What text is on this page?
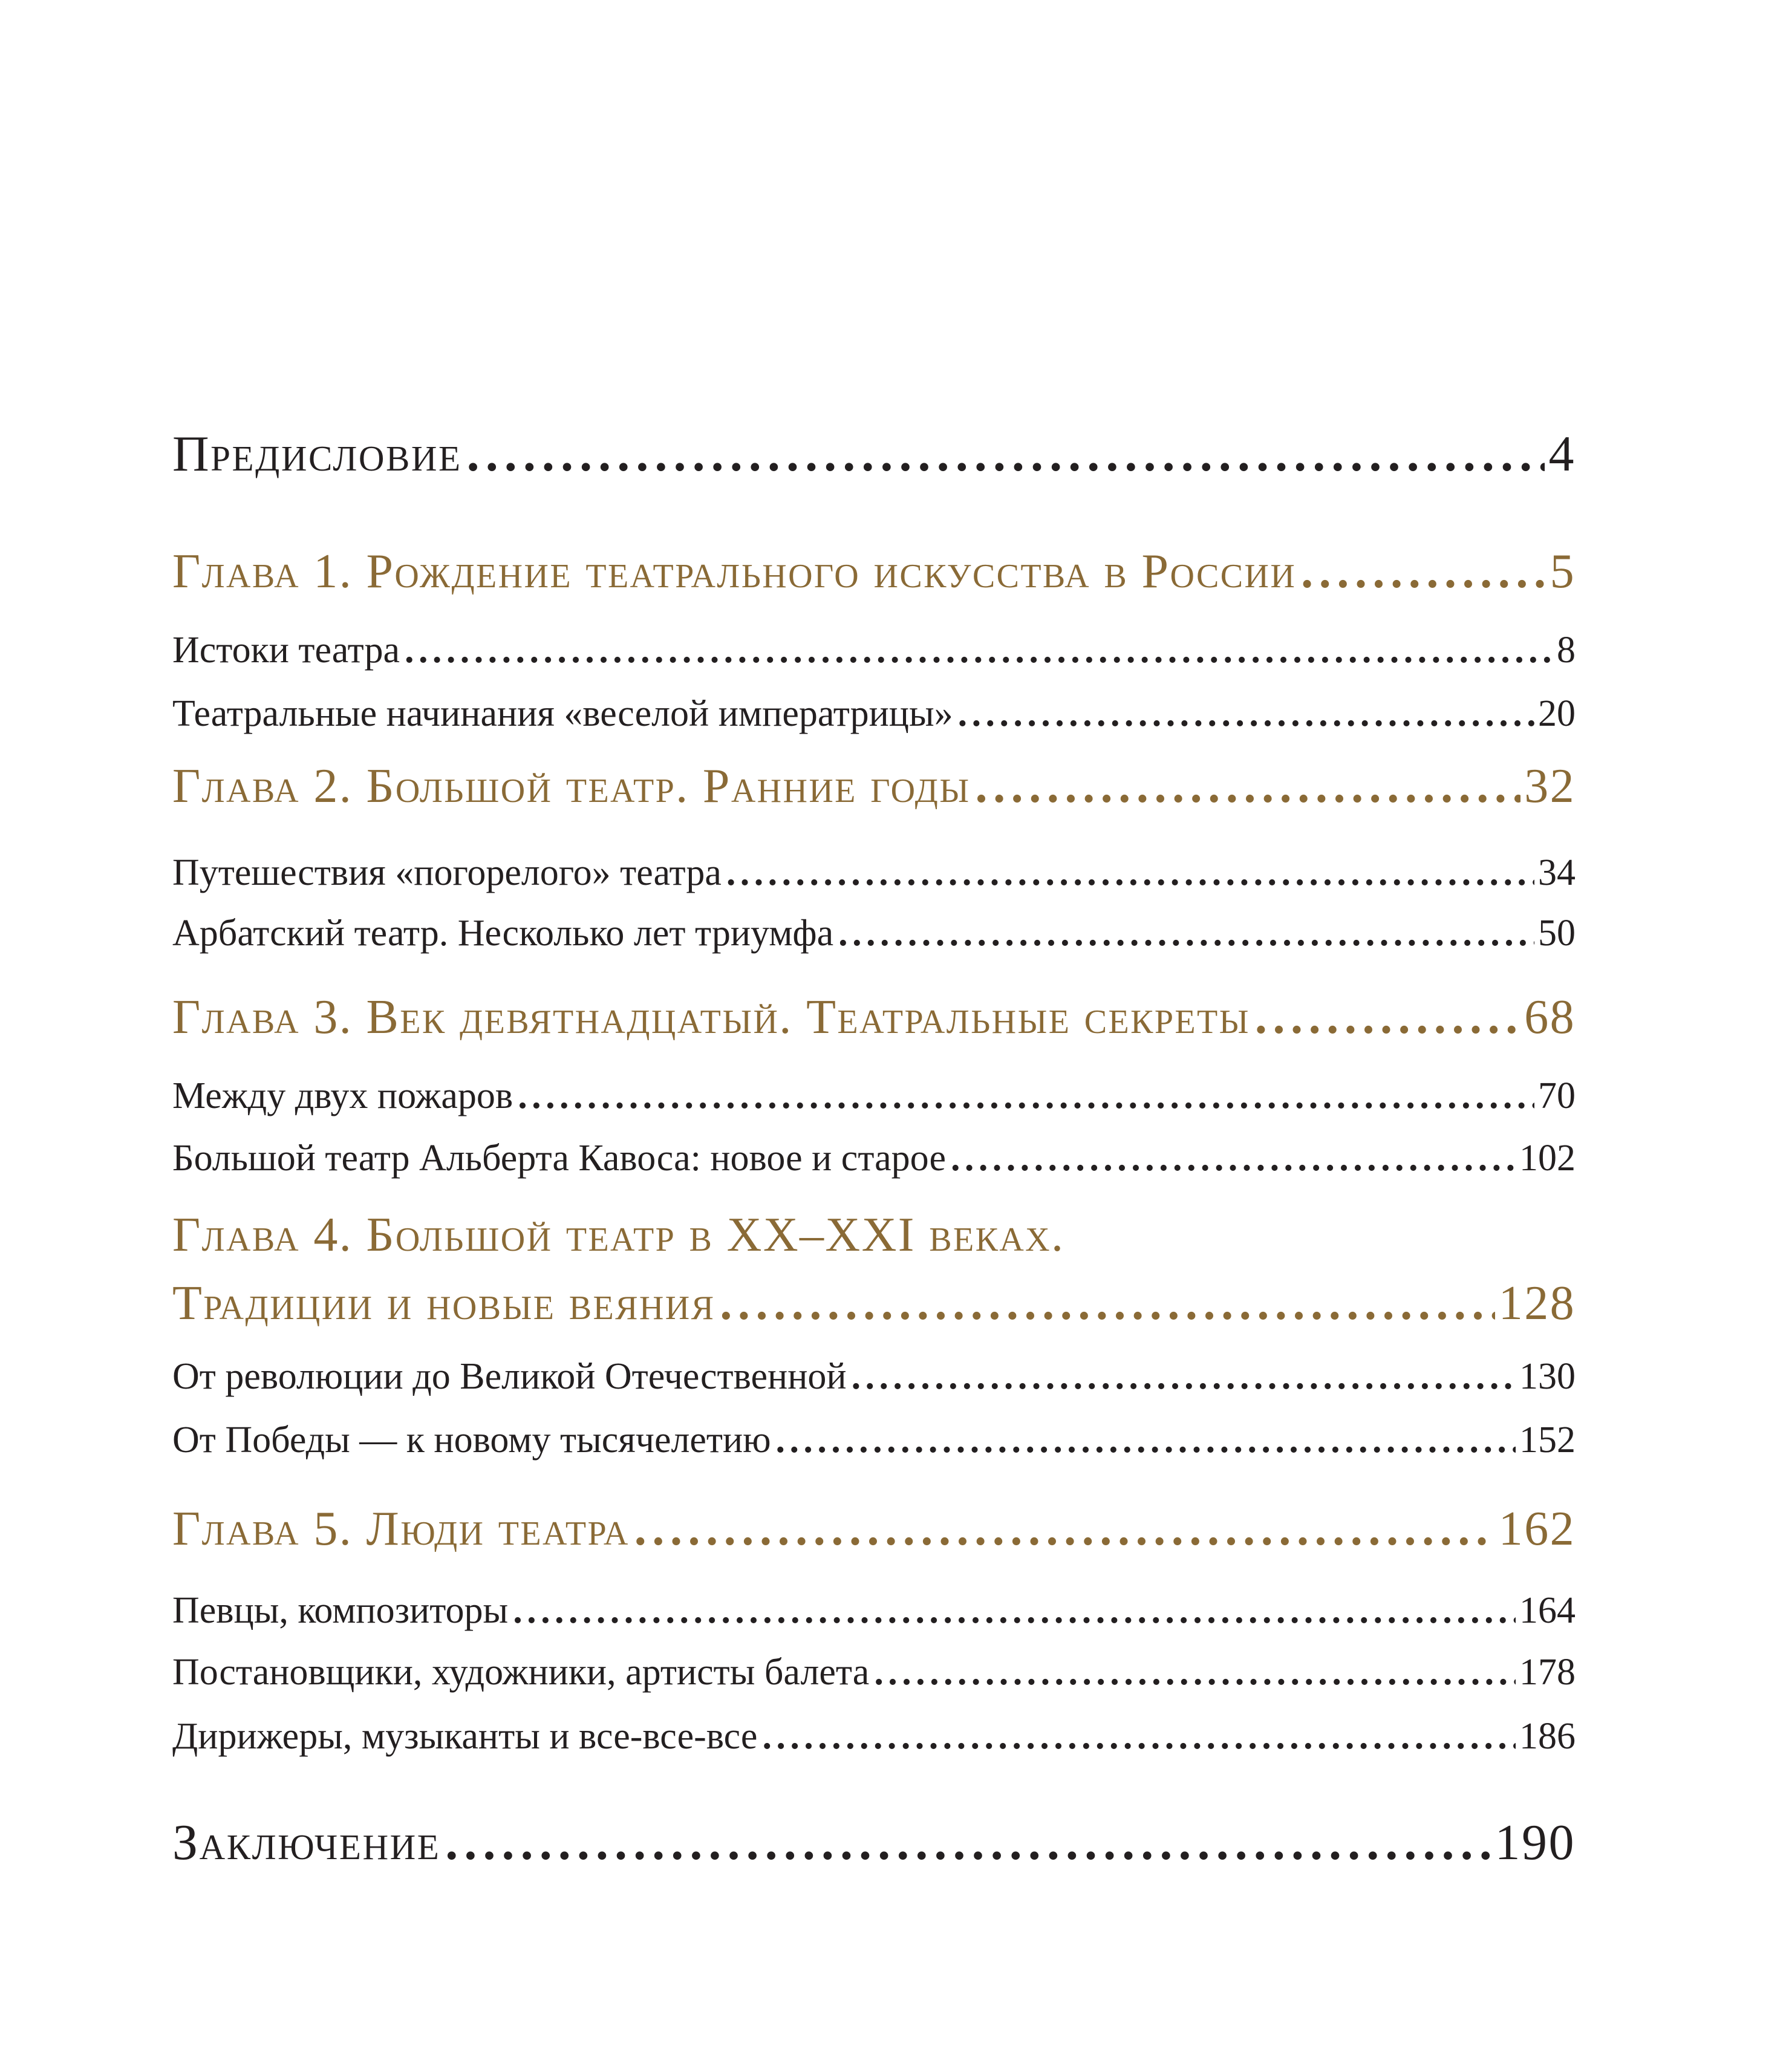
Предисловие .....	4
Глава 1. Рождение театрального искусства в России .....	5
Истоки театра .....	8
Театральные начинания «веселой императрицы» .....	20
Глава 2. Большой театр. Ранние годы .....	32
Путешествия «погорелого» театра .....	34
Арбатский театр. Несколько лет триумфа .....	50
Глава 3. Век девятнадцатый. Театральные секреты .....	68
Между двух пожаров .....	70
Большой театр Альберта Кавоса: новое и старое .....	102
Глава 4. Большой театр в XX–XXI веках.
Традиции и новые веяния .....	128
От революции до Великой Отечественной .....	130
От Победы — к новому тысячелетию .....	152
Глава 5. Люди театра .....	162
Певцы, композиторы .....	164
Постановщики, художники, артисты балета .....	178
Дирижеры, музыканты и все-все-все .....	186
Заключение .....	190
